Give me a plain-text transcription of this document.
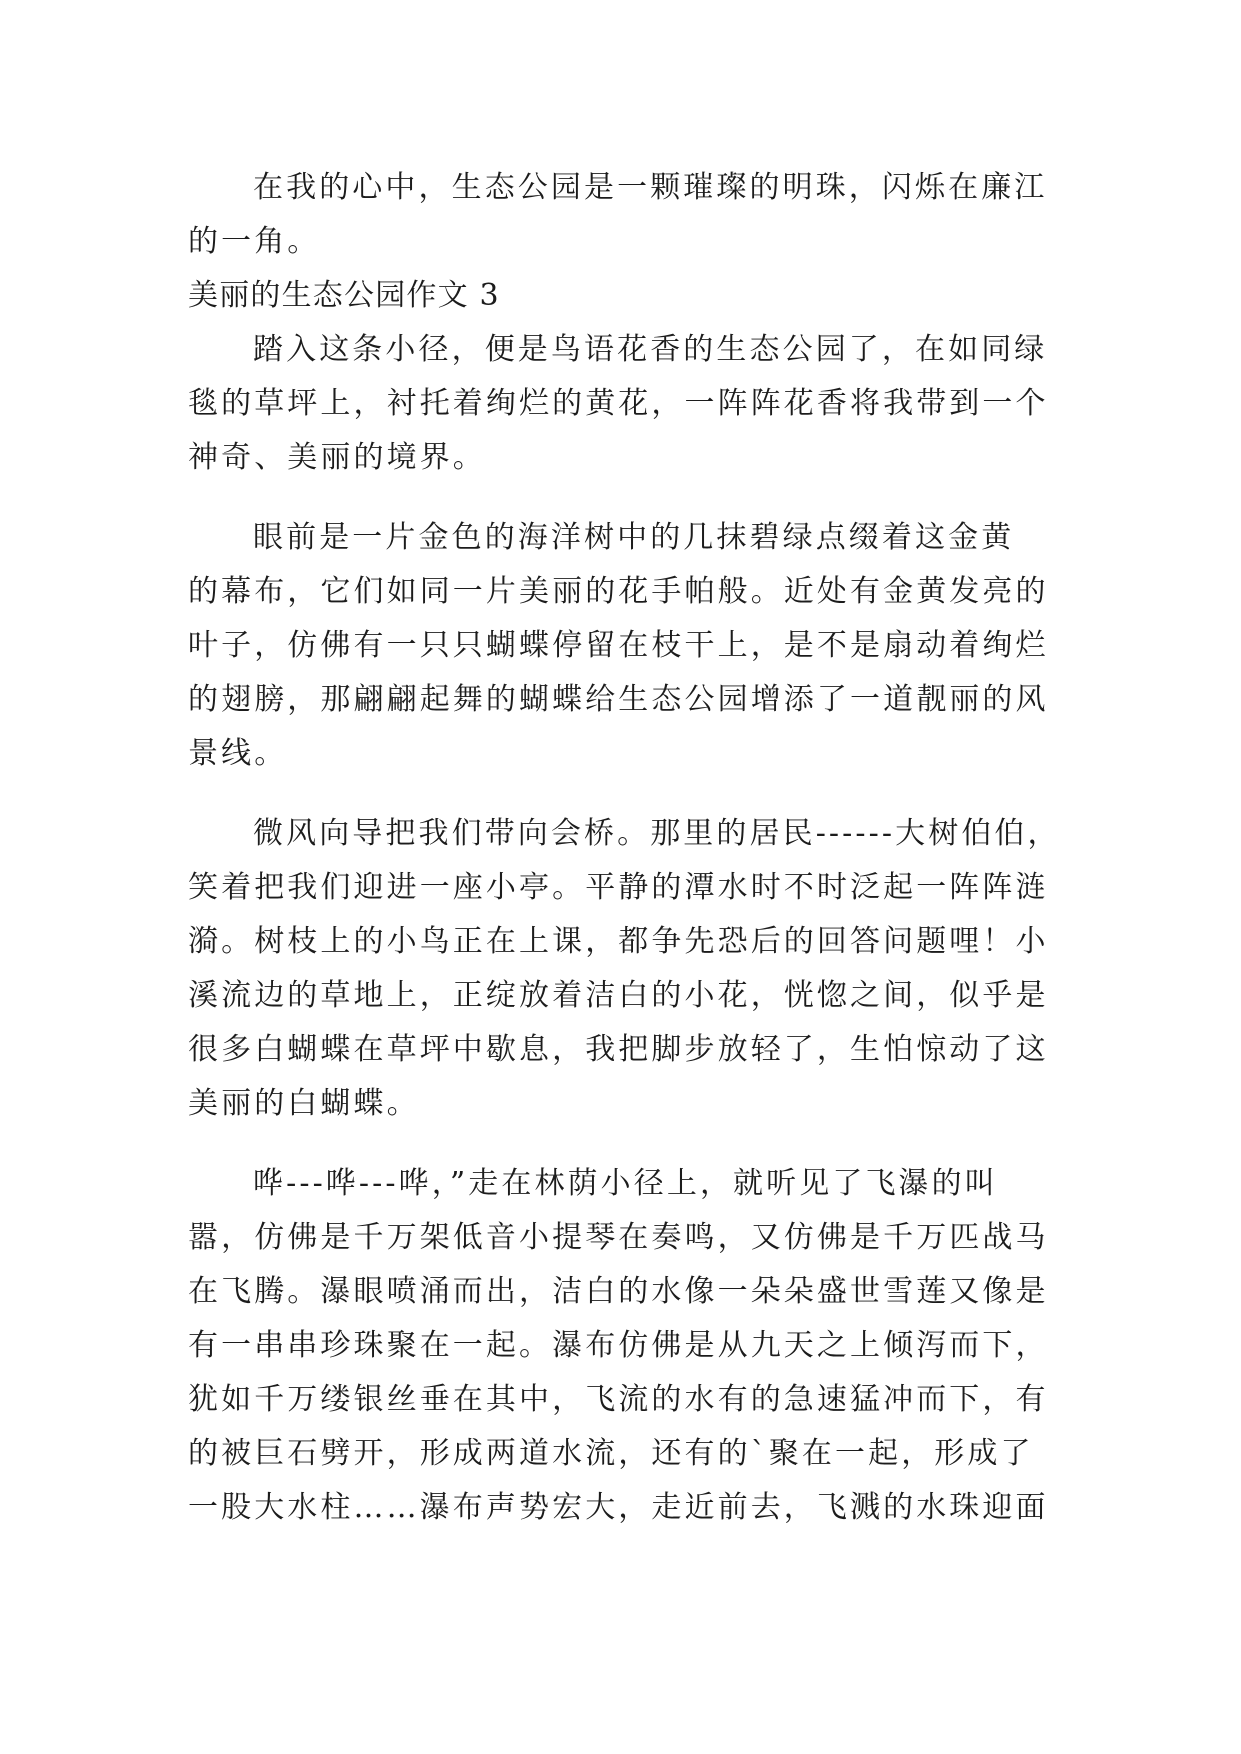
在我的心中，生态公园是一颗璀璨的明珠，闪烁在廉江
的一角。
美丽的生态公园作文 3
踏入这条小径，便是鸟语花香的生态公园了，在如同绿
毯的草坪上，衬托着绚烂的黄花，一阵阵花香将我带到一个
神奇、美丽的境界。
眼前是一片金色的海洋树中的几抹碧绿点缀着这金黄
的幕布，它们如同一片美丽的花手帕般。近处有金黄发亮的
叶子，仿佛有一只只蝴蝶停留在枝干上，是不是扇动着绚烂
的翅膀，那翩翩起舞的蝴蝶给生态公园增添了一道靓丽的风
景线。
微风向导把我们带向会桥。那里的居民------大树伯伯，
笑着把我们迎进一座小亭。平静的潭水时不时泛起一阵阵涟
漪。树枝上的小鸟正在上课，都争先恐后的回答问题哩！小
溪流边的草地上，正绽放着洁白的小花，恍惚之间，似乎是
很多白蝴蝶在草坪中歇息，我把脚步放轻了，生怕惊动了这
美丽的白蝴蝶。
哗---哗---哗，”走在林荫小径上，就听见了飞瀑的叫
嚣，仿佛是千万架低音小提琴在奏鸣，又仿佛是千万匹战马
在飞腾。瀑眼喷涌而出，洁白的水像一朵朵盛世雪莲又像是
有一串串珍珠聚在一起。瀑布仿佛是从九天之上倾泻而下，
犹如千万缕银丝垂在其中，飞流的水有的急速猛冲而下，有
的被巨石劈开，形成两道水流，还有的`聚在一起，形成了
一股大水柱……瀑布声势宏大，走近前去，飞溅的水珠迎面
